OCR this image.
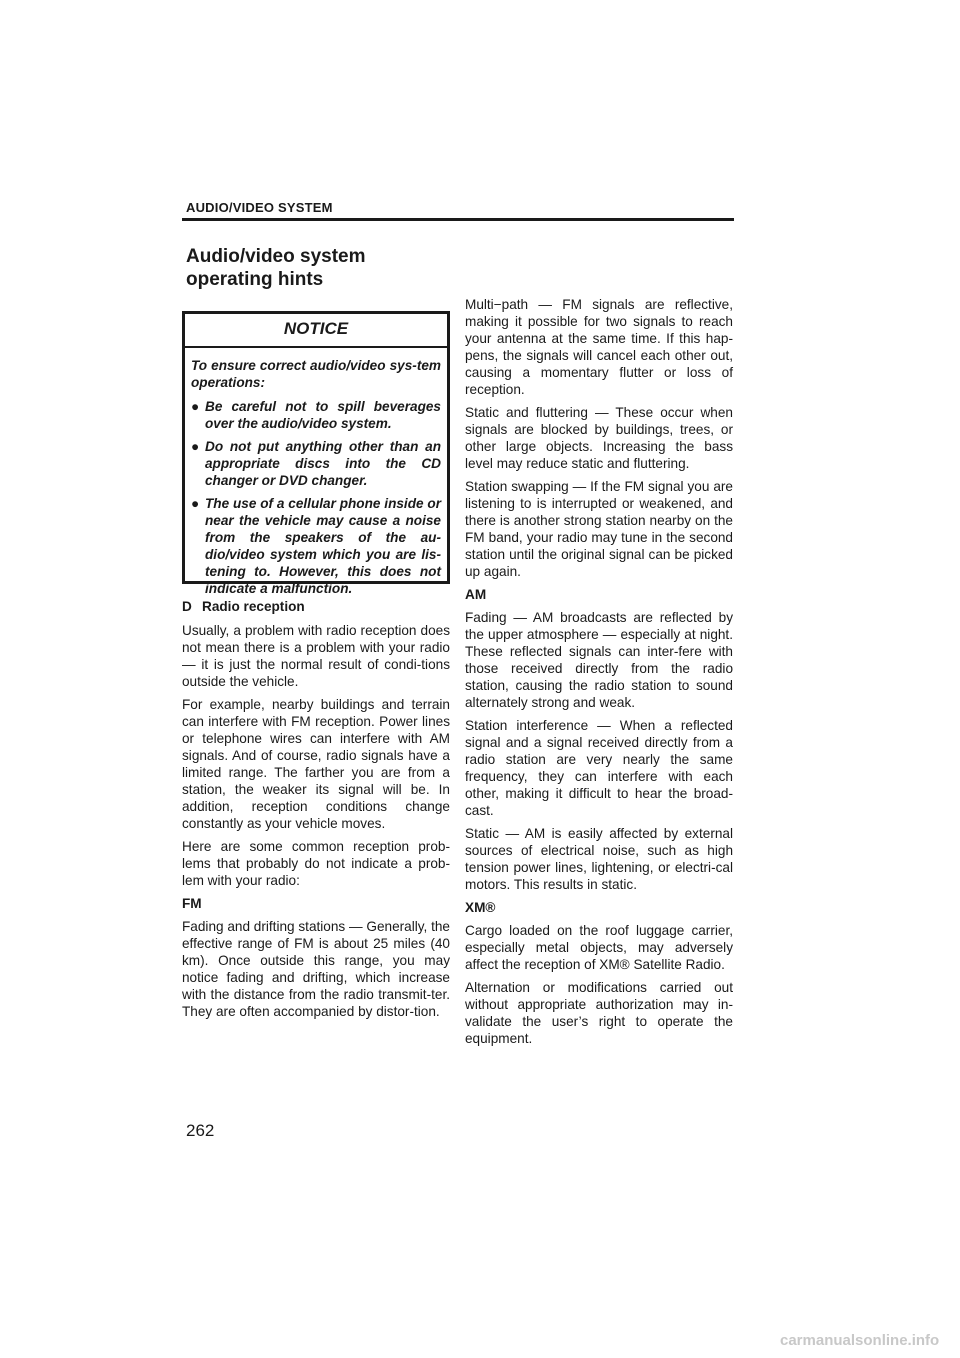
AUDIO/VIDEO SYSTEM
Audio/video system
operating hints
NOTICE
To ensure correct audio/video sys-tem operations:
● Be careful not to spill beverages over the audio/video system.
● Do not put anything other than an appropriate discs into the CD changer or DVD changer.
● The use of a cellular phone inside or near the vehicle may cause a noise from the speakers of the au-dio/video system which you are lis-tening to. However, this does not indicate a malfunction.
D Radio reception

Usually, a problem with radio reception does not mean there is a problem with your radio — it is just the normal result of condi-tions outside the vehicle.

For example, nearby buildings and terrain can interfere with FM reception. Power lines or telephone wires can interfere with AM signals. And of course, radio signals have a limited range. The farther you are from a station, the weaker its signal will be. In addition, reception conditions change constantly as your vehicle moves.

Here are some common reception prob-lems that probably do not indicate a prob-lem with your radio:

FM

Fading and drifting stations — Generally, the effective range of FM is about 25 miles (40 km). Once outside this range, you may notice fading and drifting, which increase with the distance from the radio transmit-ter. They are often accompanied by distor-tion.

Multi−path — FM signals are reflective, making it possible for two signals to reach your antenna at the same time. If this hap-pens, the signals will cancel each other out, causing a momentary flutter or loss of reception.

Static and fluttering — These occur when signals are blocked by buildings, trees, or other large objects. Increasing the bass level may reduce static and fluttering.

Station swapping — If the FM signal you are listening to is interrupted or weakened, and there is another strong station nearby on the FM band, your radio may tune in the second station until the original signal can be picked up again.

AM

Fading — AM broadcasts are reflected by the upper atmosphere — especially at night. These reflected signals can inter-fere with those received directly from the radio station, causing the radio station to sound alternately strong and weak.

Station interference — When a reflected signal and a signal received directly from a radio station are very nearly the same frequency, they can interfere with each other, making it difficult to hear the broad-cast.

Static — AM is easily affected by external sources of electrical noise, such as high tension power lines, lightening, or electri-cal motors. This results in static.

XM®

Cargo loaded on the roof luggage carrier, especially metal objects, may adversely affect the reception of XM® Satellite Radio.

Alternation or modifications carried out without appropriate authorization may in-validate the user’s right to operate the equipment.

262
carmanualsonline.info
